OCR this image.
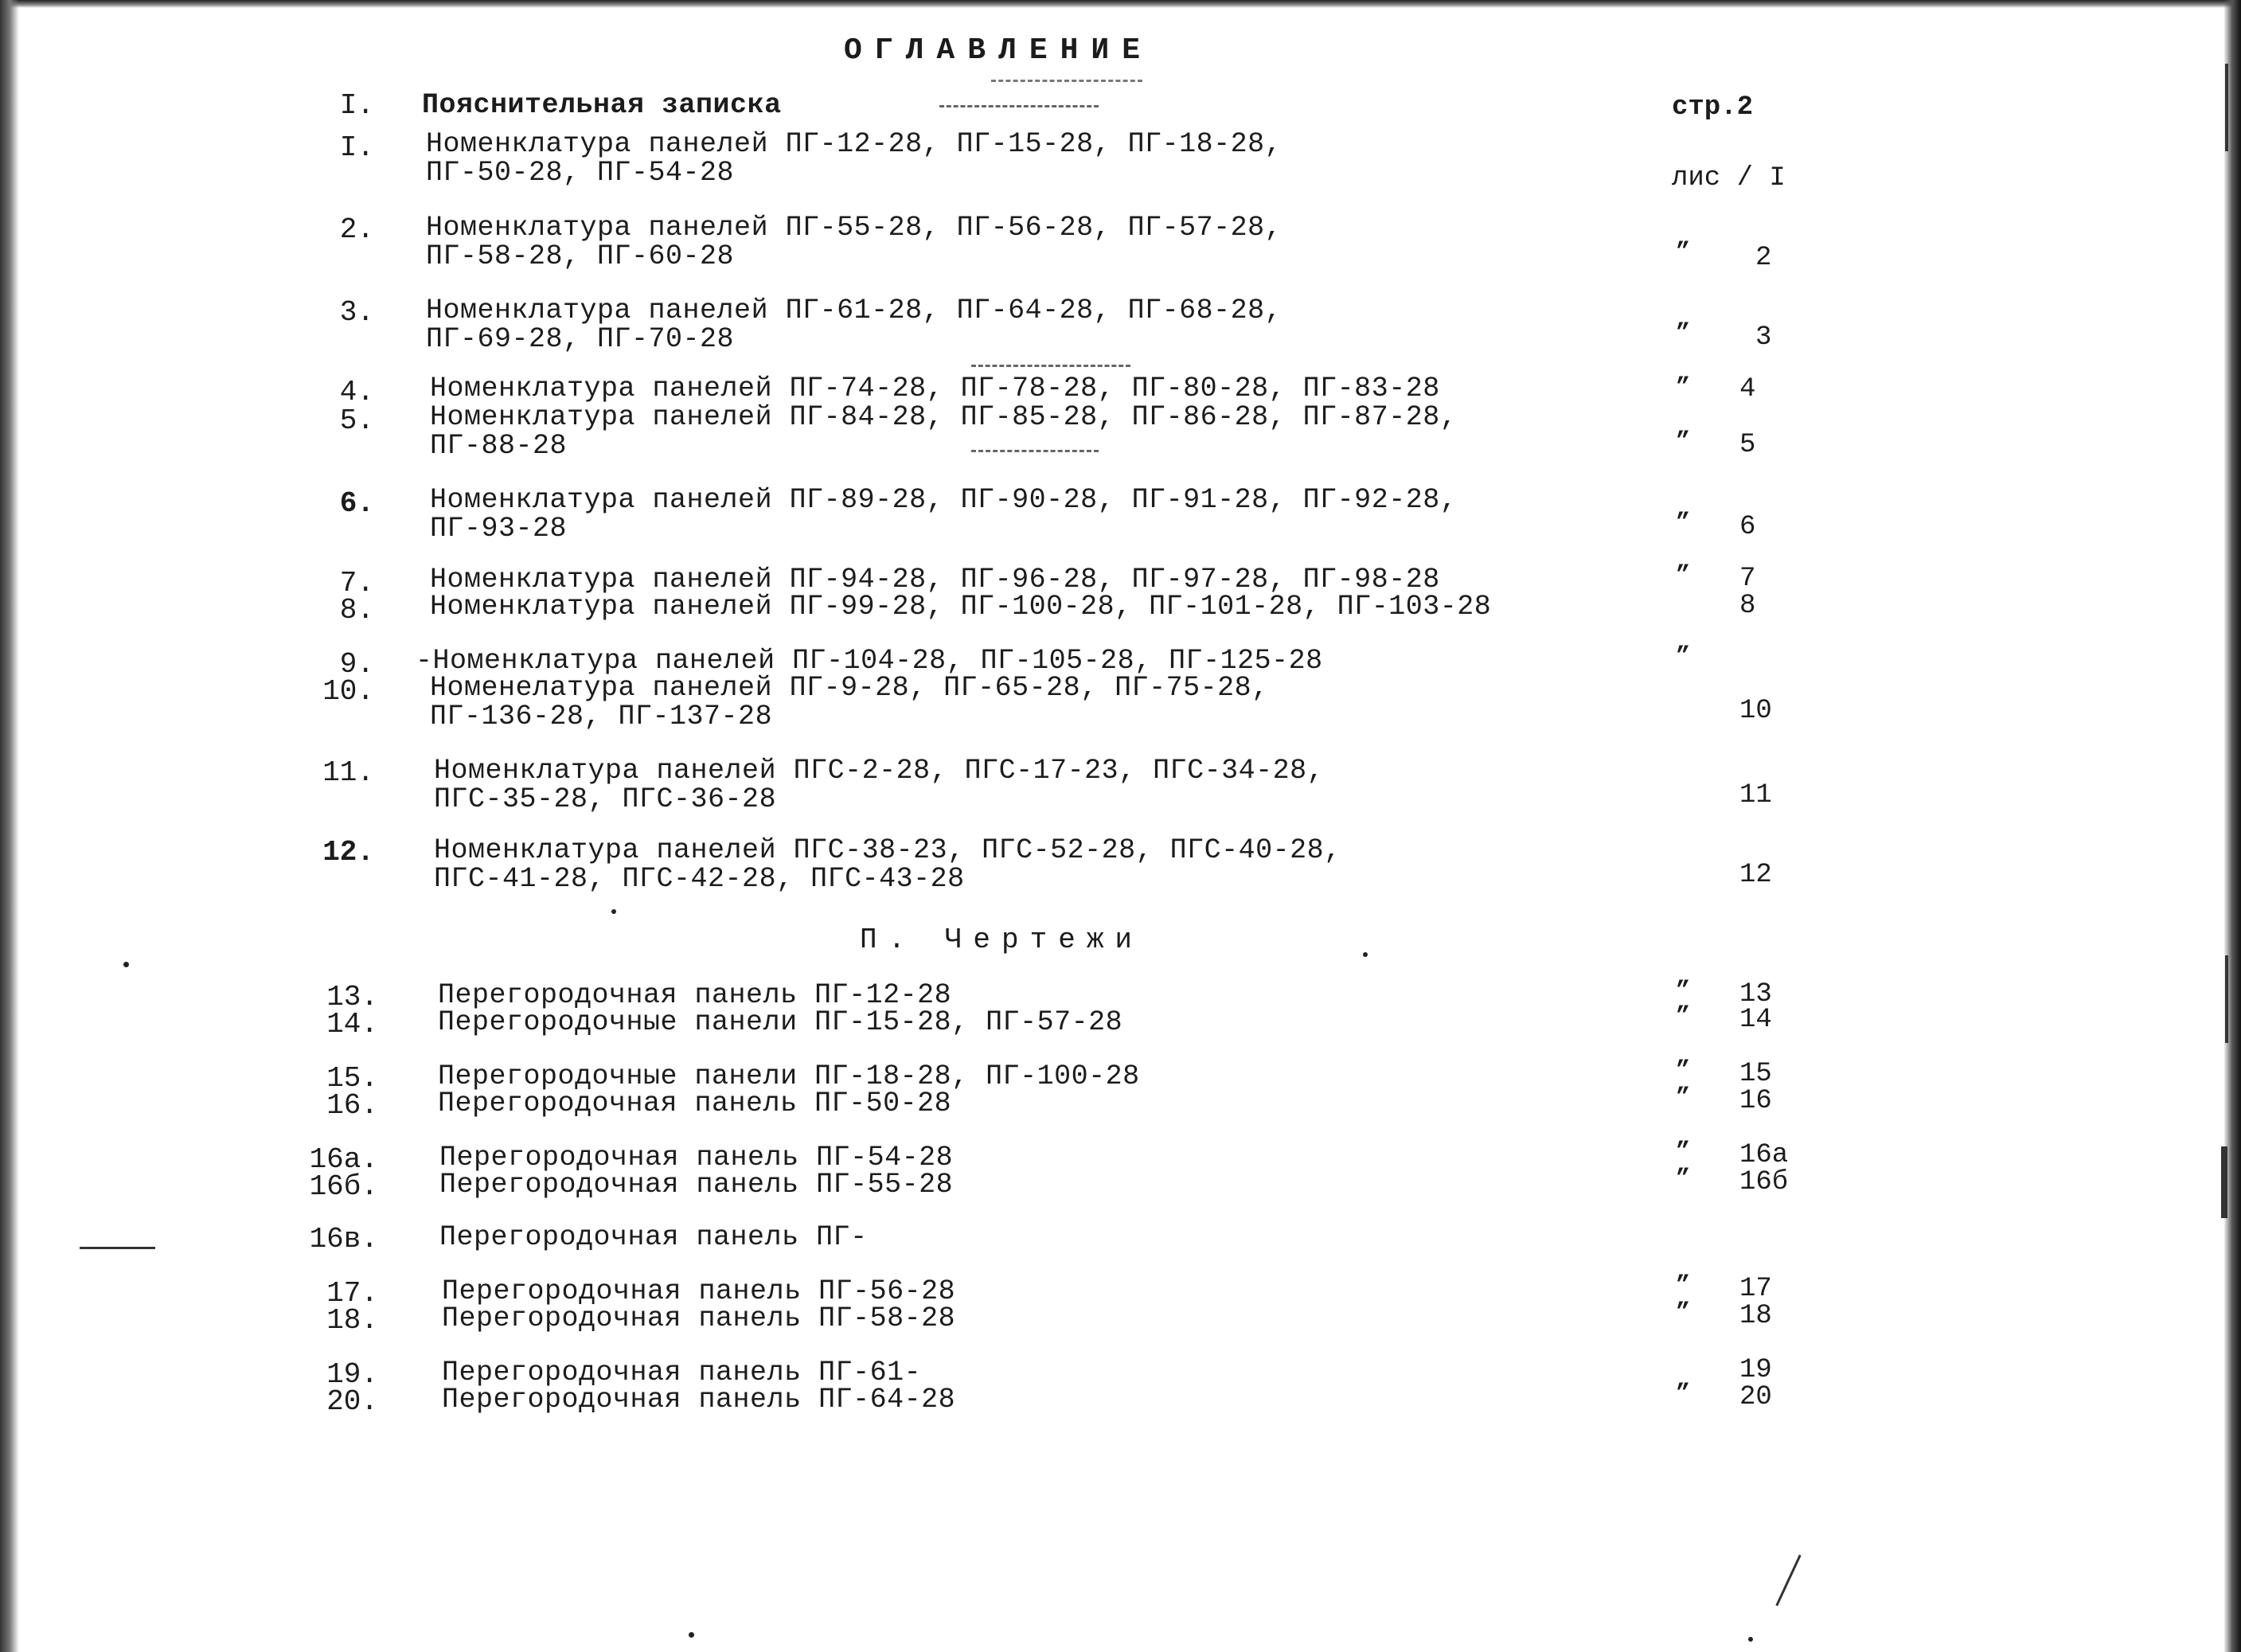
ОГЛАВЛЕНИЕ
I. Пояснительная записка	стр.2
I. Номенклатура панелей ПГ-12-28, ПГ-15-28, ПГ-18-28,
ПГ-50-28, ПГ-54-28	лис / I
2. Номенклатура панелей ПГ-55-28, ПГ-56-28, ПГ-57-28,
ПГ-58-28, ПГ-60-28 ”	2
3. Номенклатура панелей ПГ-61-28, ПГ-64-28, ПГ-68-28,
ПГ-69-28, ПГ-70-28 ”	3
4. Номенклатура панелей ПГ-74-28, ПГ-78-28, ПГ-80-28, ПГ-83-28 ”	4
5. Номенклатура панелей ПГ-84-28, ПГ-85-28, ПГ-86-28, ПГ-87-28,
ПГ-88-28 ”	5
6. Номенклатура панелей ПГ-89-28, ПГ-90-28, ПГ-91-28, ПГ-92-28,
ПГ-93-28 ”	6
7. Номенклатура панелей ПГ-94-28, ПГ-96-28, ПГ-97-28, ПГ-98-28 ”	7
8. Номенклатура панелей ПГ-99-28, ПГ-100-28, ПГ-101-28, ПГ-103-28	8
9. -Номенклатура панелей ПГ-104-28, ПГ-105-28, ПГ-125-28
”
10. Номенелатура панелей ПГ-9-28, ПГ-65-28, ПГ-75-28,
ПГ-136-28, ПГ-137-28	10
11. Номенклатура панелей ПГС-2-28, ПГС-17-23, ПГС-34-28,
ПГС-35-28, ПГС-36-28	11
12. Номенклатура панелей ПГС-38-23, ПГС-52-28, ПГС-40-28,
ПГС-41-28, ПГС-42-28, ПГС-43-28	12
П. Чертежи
13. Перегородочная панель ПГ-12-28 ”	13
14. Перегородочные панели ПГ-15-28, ПГ-57-28 ”	14
15. Перегородочные панели ПГ-18-28, ПГ-100-28 ”	15
16. Перегородочная панель ПГ-50-28 ”	16
16а. Перегородочная панель ПГ-54-28 ”	16а
16б. Перегородочная панель ПГ-55-28 ”	16б
16в. Перегородочная панель ПГ-
17. Перегородочная панель ПГ-56-28 ”	17
18. Перегородочная панель ПГ-58-28 ”	18
19. Перегородочная панель ПГ-61-	19
20. Перегородочная панель ПГ-64-28 ”	20
